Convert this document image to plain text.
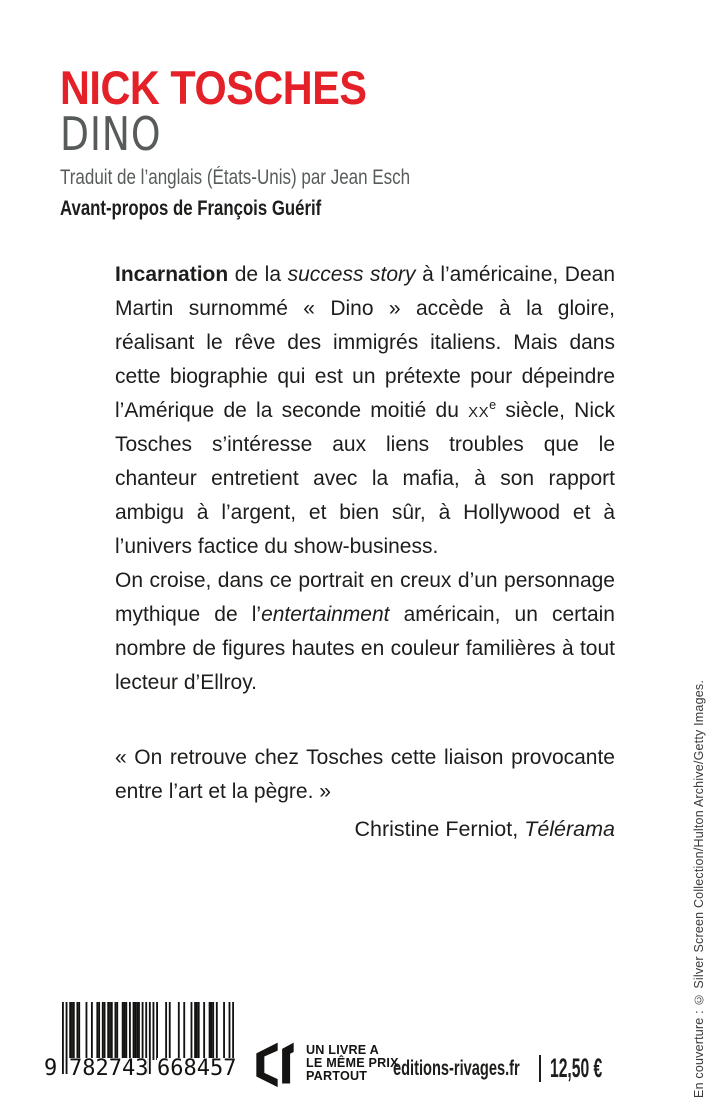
NICK TOSCHES
DINO
Traduit de l’anglais (États-Unis) par Jean Esch
Avant-propos de François Guérif

Incarnation de la success story à l’américaine, Dean Martin surnommé « Dino » accède à la gloire, réalisant le rêve des immigrés italiens. Mais dans cette biographie qui est un prétexte pour dépeindre l’Amérique de la seconde moitié du $xx^e$ siècle, Nick Tosches s’intéresse aux liens troubles que le chanteur entretient avec la mafia, à son rapport ambigu à l’argent, et bien sûr, à Hollywood et à l’univers factice du show-business.

On croise, dans ce portrait en creux d’un personnage mythique de l’entertainment américain, un certain nombre de figures hautes en couleur familières à tout lecteur d’Ellroy.

« On retrouve chez Tosches cette liaison provocante entre l’art et la pègre. »

Christine Ferniot, Télérama

9 782743 668457
UN LIVRE A
LE MÊME PRIX
PARTOUT	editions-rivages.fr 12,50 €	En couverture : © Silver Screen Collection/Hulton Archive/Getty Images.
